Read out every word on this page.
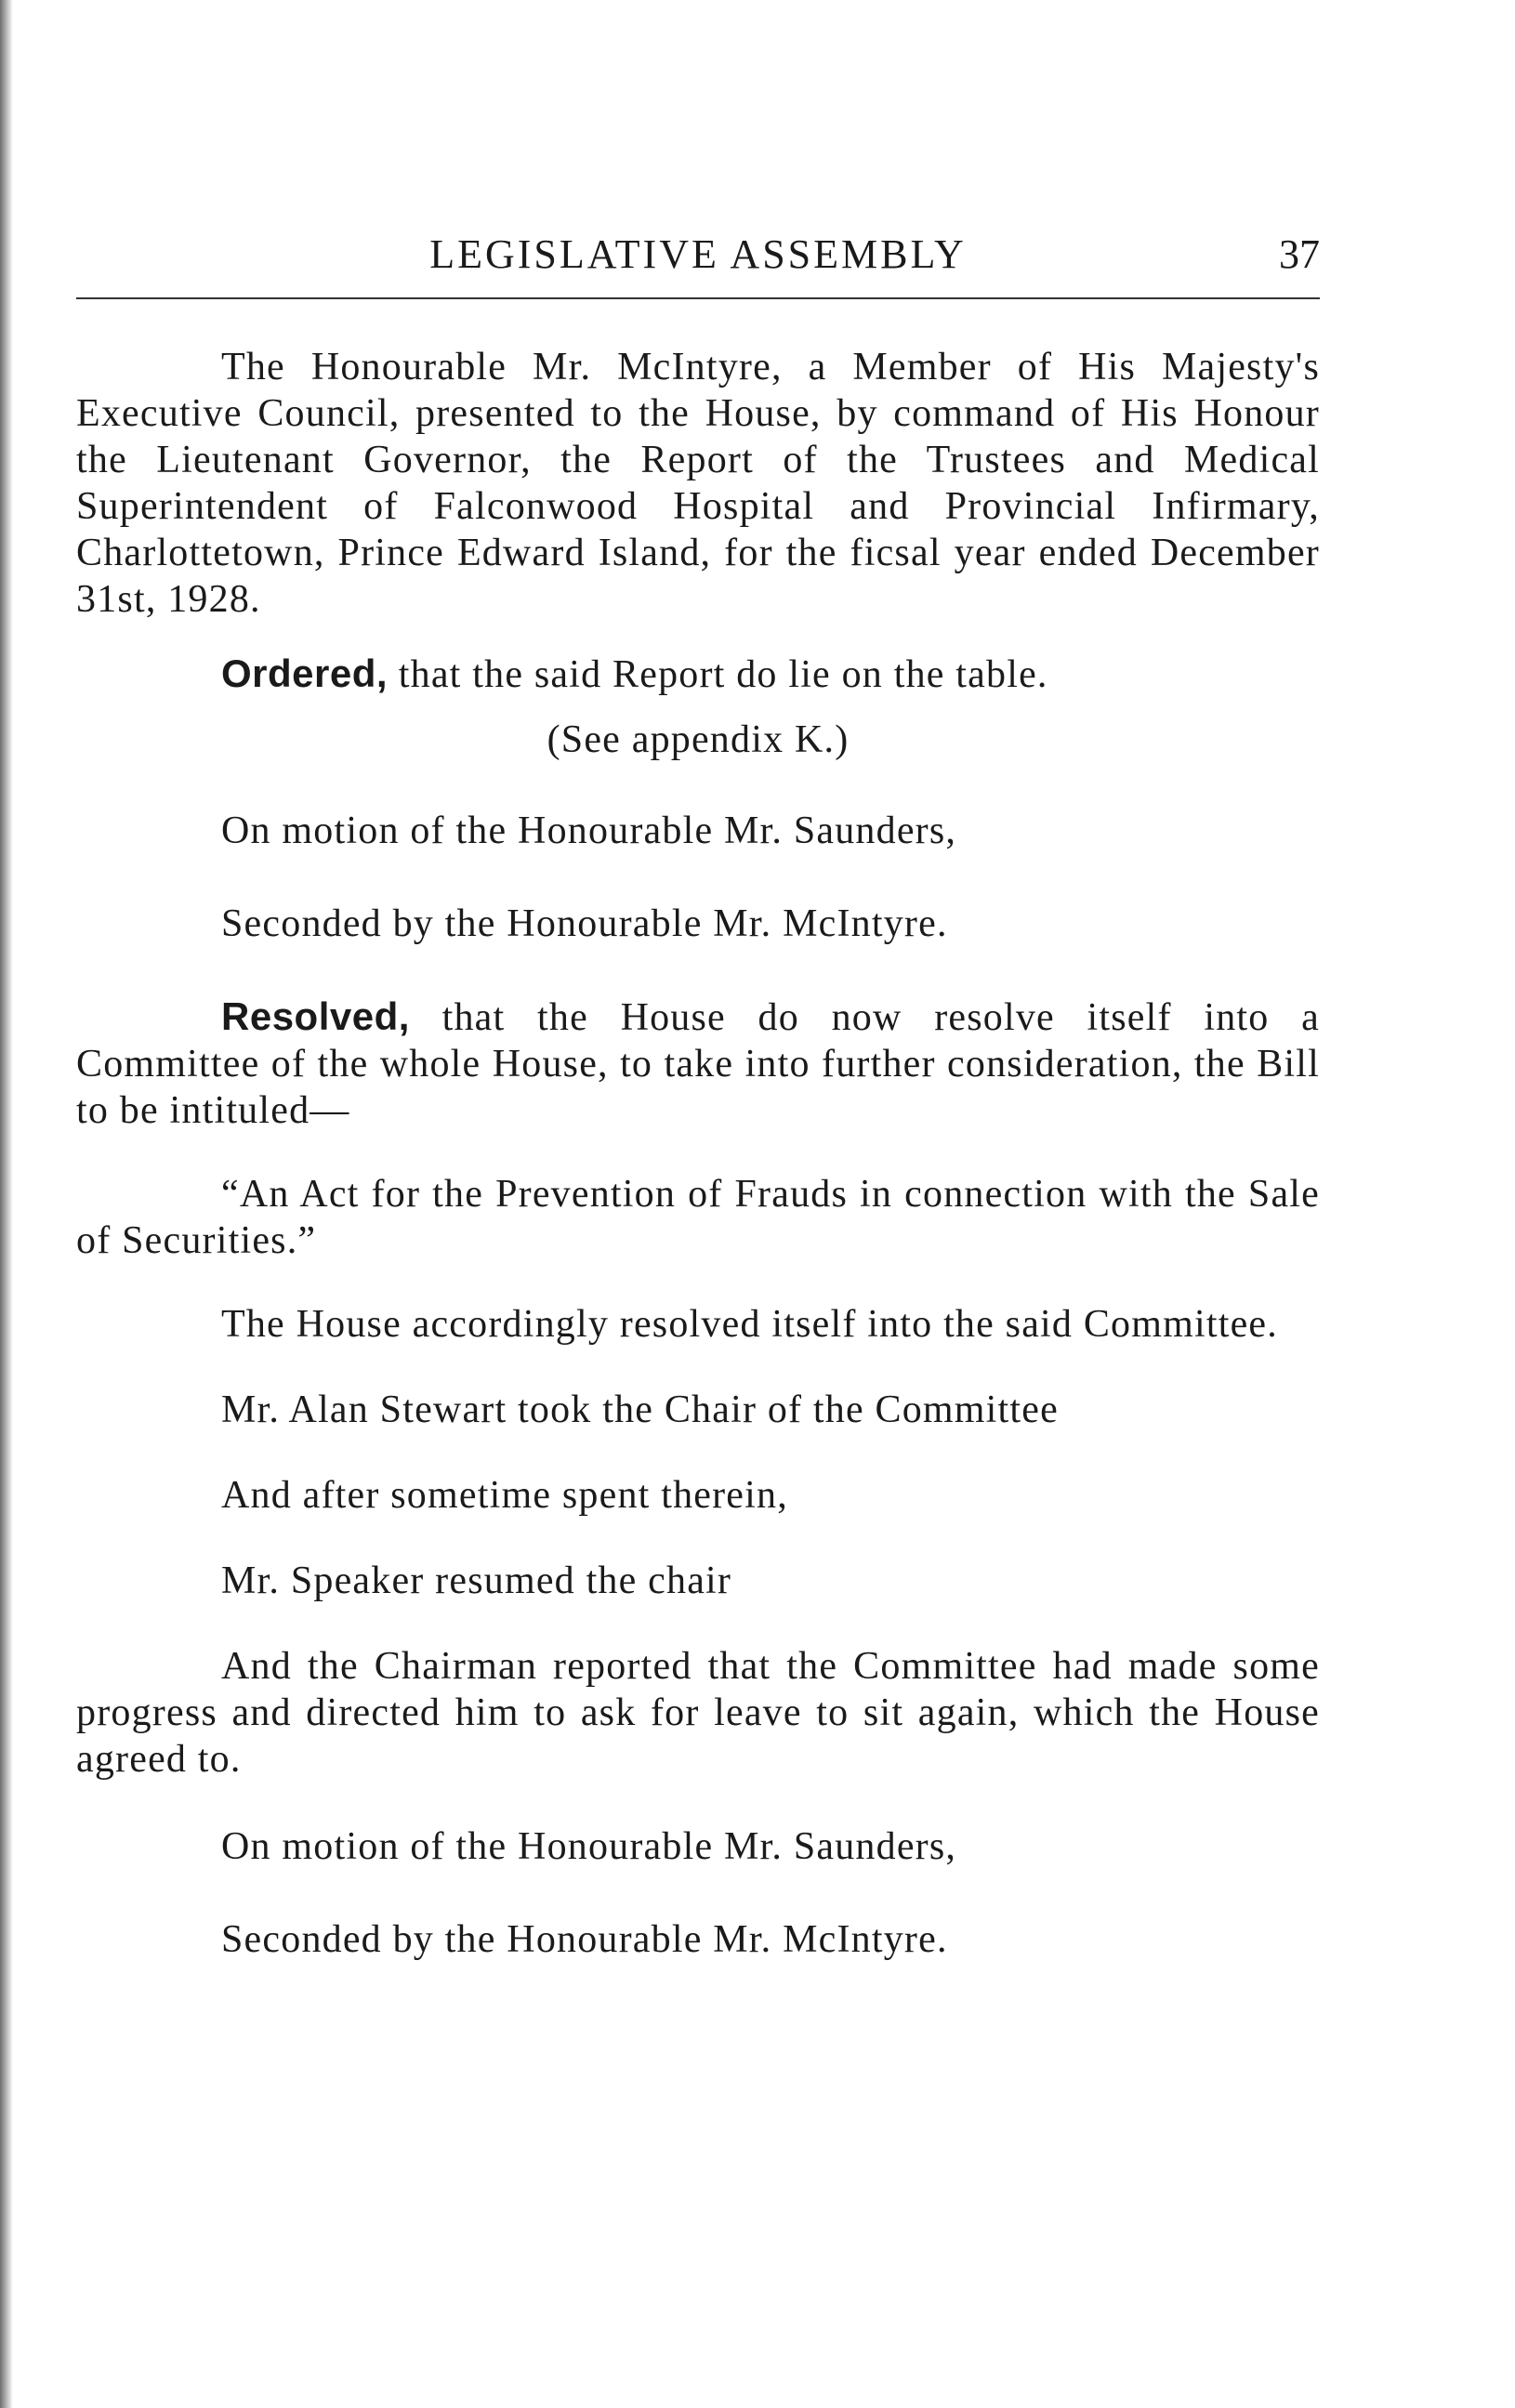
LEGISLATIVE ASSEMBLY	37

The Honourable Mr. McIntyre, a Member of His Majesty's Executive Council, presented to the House, by command of His Honour the Lieutenant Governor, the Report of the Trustees and Medical Superintendent of Falconwood Hospital and Provincial Infirmary, Charlottetown, Prince Edward Island, for the ficsal year ended December 31st, 1928.

Ordered, that the said Report do lie on the table.

(See appendix K.)

On motion of the Honourable Mr. Saunders,

Seconded by the Honourable Mr. McIntyre.

Resolved, that the House do now resolve itself into a Committee of the whole House, to take into further consideration, the Bill to be intituled—

“An Act for the Prevention of Frauds in connection with the Sale of Securities.”

The House accordingly resolved itself into the said Committee.

Mr. Alan Stewart took the Chair of the Committee

And after sometime spent therein,

Mr. Speaker resumed the chair

And the Chairman reported that the Committee had made some progress and directed him to ask for leave to sit again, which the House agreed to.

On motion of the Honourable Mr. Saunders,

Seconded by the Honourable Mr. McIntyre.
